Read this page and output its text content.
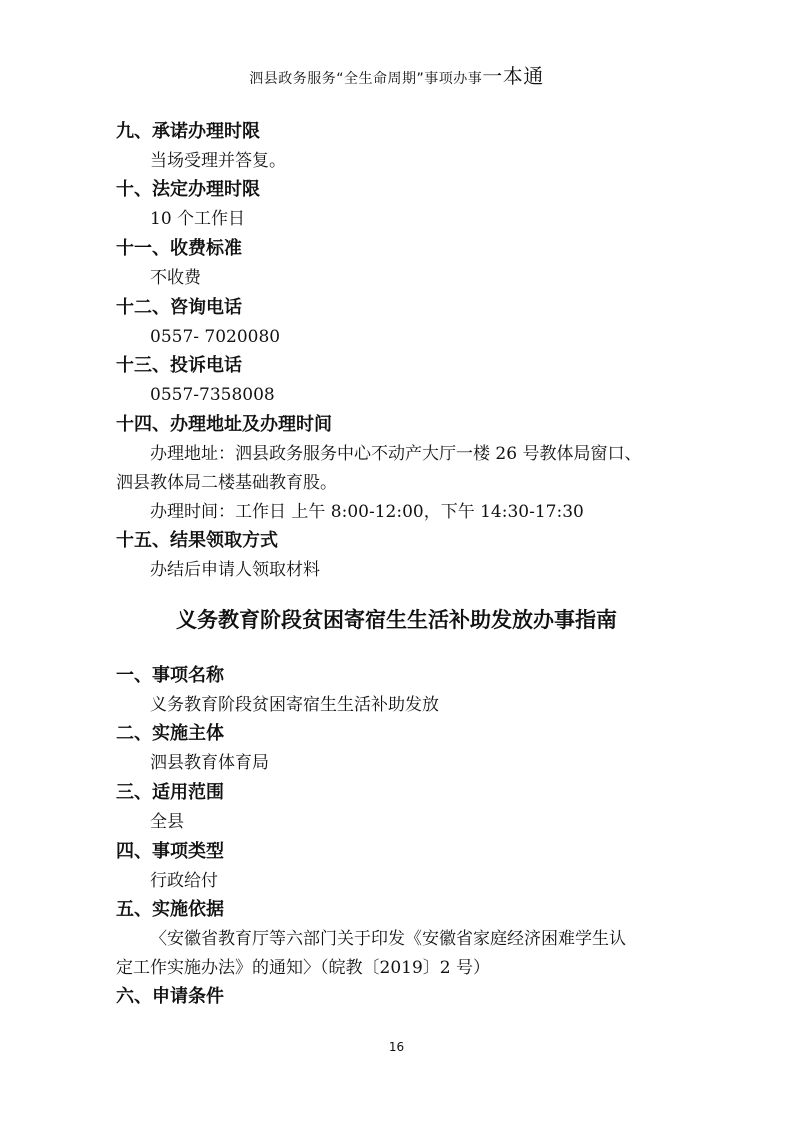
泗县政务服务“全生命周期”事项办事一本通
九、承诺办理时限
当场受理并答复。
十、法定办理时限
10 个工作日
十一、收费标准
不收费
十二、咨询电话
0557- 7020080
十三、投诉电话
0557-7358008
十四、办理地址及办理时间
办理地址：泗县政务服务中心不动产大厅一楼 26 号教体局窗口、
泗县教体局二楼基础教育股。
办理时间：工作日 上午 8:00-12:00，下午 14:30-17:30
十五、结果领取方式
办结后申请人领取材料
义务教育阶段贫困寄宿生生活补助发放办事指南
一、事项名称
义务教育阶段贫困寄宿生生活补助发放
二、实施主体
泗县教育体育局
三、适用范围
全县
四、事项类型
行政给付
五、实施依据
〈安徽省教育厅等六部门关于印发《安徽省家庭经济困难学生认
定工作实施办法》的通知〉（皖教〔2019〕2 号）
六、申请条件
16
